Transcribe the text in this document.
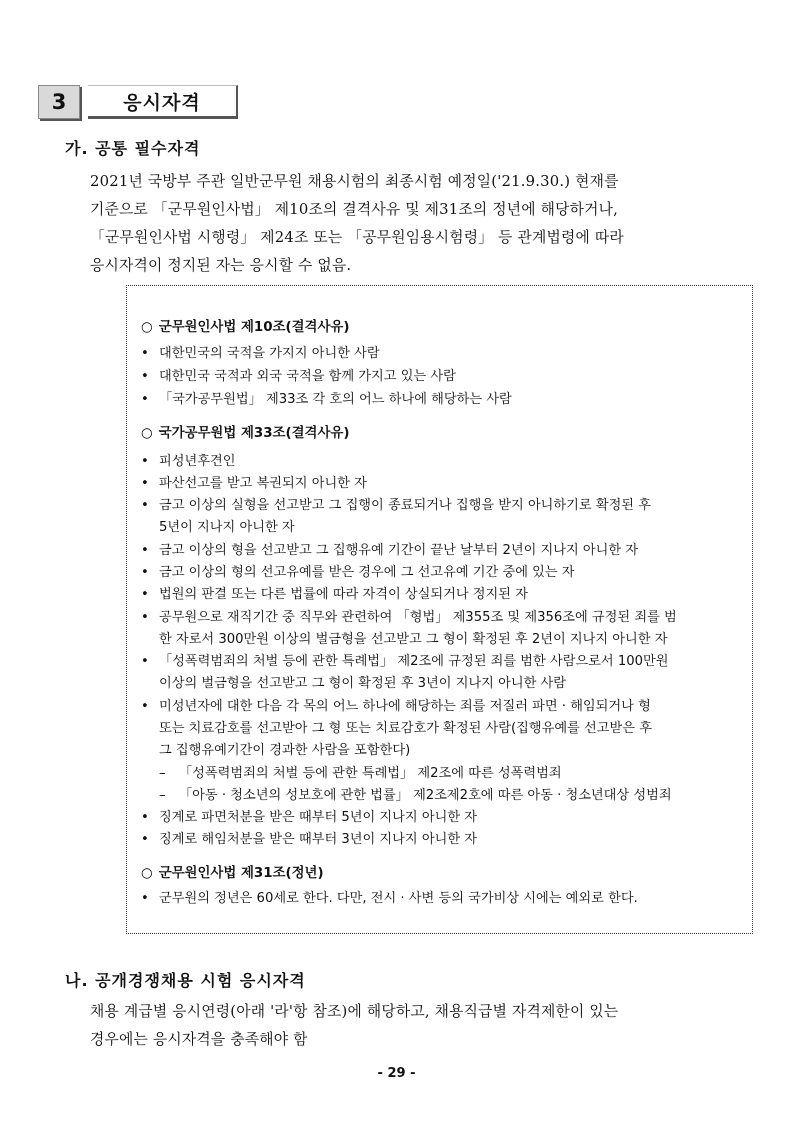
3	응시자격
가. 공통 필수자격
2021년 국방부 주관 일반군무원 채용시험의 최종시험 예정일('21.9.30.) 현재를
기준으로 「군무원인사법」 제10조의 결격사유 및 제31조의 정년에 해당하거나,
「군무원인사법 시행령」 제24조 또는 「공무원임용시험령」 등 관계법령에 따라
응시자격이 정지된 자는 응시할 수 없음.
○ 군무원인사법 제10조(결격사유)
• 대한민국의 국적을 가지지 아니한 사람
• 대한민국 국적과 외국 국적을 함께 가지고 있는 사람
• 「국가공무원법」 제33조 각 호의 어느 하나에 해당하는 사람
○ 국가공무원법 제33조(결격사유)
• 피성년후견인
• 파산선고를 받고 복권되지 아니한 자
• 금고 이상의 실형을 선고받고 그 집행이 종료되거나 집행을 받지 아니하기로 확정된 후
5년이 지나지 아니한 자
• 금고 이상의 형을 선고받고 그 집행유예 기간이 끝난 날부터 2년이 지나지 아니한 자
• 금고 이상의 형의 선고유예를 받은 경우에 그 선고유예 기간 중에 있는 자
• 법원의 판결 또는 다른 법률에 따라 자격이 상실되거나 정지된 자
• 공무원으로 재직기간 중 직무와 관련하여 「형법」 제355조 및 제356조에 규정된 죄를 범
한 자로서 300만원 이상의 벌금형을 선고받고 그 형이 확정된 후 2년이 지나지 아니한 자
• 「성폭력범죄의 처벌 등에 관한 특례법」 제2조에 규정된 죄를 범한 사람으로서 100만원
이상의 벌금형을 선고받고 그 형이 확정된 후 3년이 지나지 아니한 사람
• 미성년자에 대한 다음 각 목의 어느 하나에 해당하는 죄를 저질러 파면 · 해임되거나 형
또는 치료감호를 선고받아 그 형 또는 치료감호가 확정된 사람(집행유예를 선고받은 후
그 집행유예기간이 경과한 사람을 포함한다)
– 「성폭력범죄의 처벌 등에 관한 특례법」 제2조에 따른 성폭력범죄
– 「아동 · 청소년의 성보호에 관한 법률」 제2조제2호에 따른 아동 · 청소년대상 성범죄
• 징계로 파면처분을 받은 때부터 5년이 지나지 아니한 자
• 징계로 해임처분을 받은 때부터 3년이 지나지 아니한 자
○ 군무원인사법 제31조(정년)
• 군무원의 정년은 60세로 한다. 다만, 전시 · 사변 등의 국가비상 시에는 예외로 한다.
나. 공개경쟁채용 시험 응시자격
채용 계급별 응시연령(아래 '라'항 참조)에 해당하고, 채용직급별 자격제한이 있는
경우에는 응시자격을 충족해야 함
- 29 -
